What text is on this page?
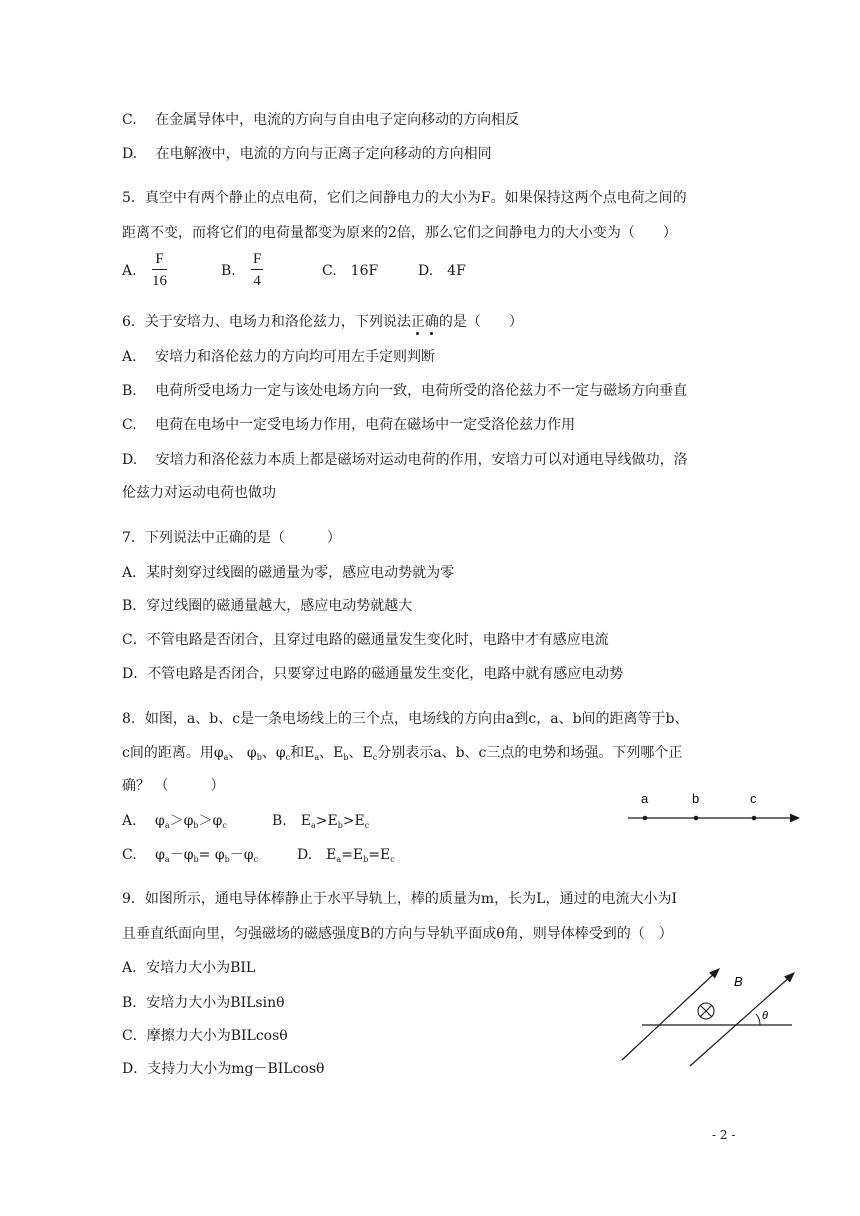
C.　 在金属导体中，电流的方向与自由电子定向移动的方向相反
D.　 在电解液中，电流的方向与正离子定向移动的方向相同
5．真空中有两个静止的点电荷，它们之间静电力的大小为F。如果保持这两个点电荷之间的
距离不变，而将它们的电荷量都变为原来的2倍，那么它们之间静电力的大小变为（　　）
A. $\frac{F}{16}$	B. $\frac{F}{4}$	C.　16F	D.　4F
6．关于安培力、电场力和洛伦兹力，下列说法正确的是（　　）
A.　 安培力和洛伦兹力的方向均可用左手定则判断
B.　 电荷所受电场力一定与该处电场方向一致，电荷所受的洛伦兹力不一定与磁场方向垂直
C.　 电荷在电场中一定受电场力作用，电荷在磁场中一定受洛伦兹力作用
D.　 安培力和洛伦兹力本质上都是磁场对运动电荷的作用，安培力可以对通电导线做功，洛
伦兹力对运动电荷也做功
7．下列说法中正确的是（　　　）
A．某时刻穿过线圈的磁通量为零，感应电动势就为零
B．穿过线圈的磁通量越大，感应电动势就越大
C．不管电路是否闭合，且穿过电路的磁通量发生变化时，电路中才有感应电流
D．不管电路是否闭合，只要穿过电路的磁通量发生变化，电路中就有感应电动势
8．如图，a、b、c是一条电场线上的三个点，电场线的方向由a到c，a、b间的距离等于b、
c间的距离。用$\varphi_a$、 $\varphi_b$、$\varphi_c$和$E_a$、$E_b$、$E_c$分别表示a、b、c三点的电势和场强。下列哪个正
确？ （　　　）
A.　 $\varphi_a>\varphi_b>\varphi_c$	B.　$E_a>E_b>E_c$
C.　 $\varphi_a-\varphi_b= \varphi_b-\varphi_c$	D.　$E_a=E_b=E_c$
a	b	c
9．如图所示，通电导体棒静止于水平导轨上，棒的质量为m，长为L，通过的电流大小为I
且垂直纸面向里，匀强磁场的磁感强度B的方向与导轨平面成θ角，则导体棒受到的（　）
A．安培力大小为BIL
B．安培力大小为BILsinθ
C．摩擦力大小为BILcosθ
D．支持力大小为mg－BILcosθ
B
θ
- 2 -
